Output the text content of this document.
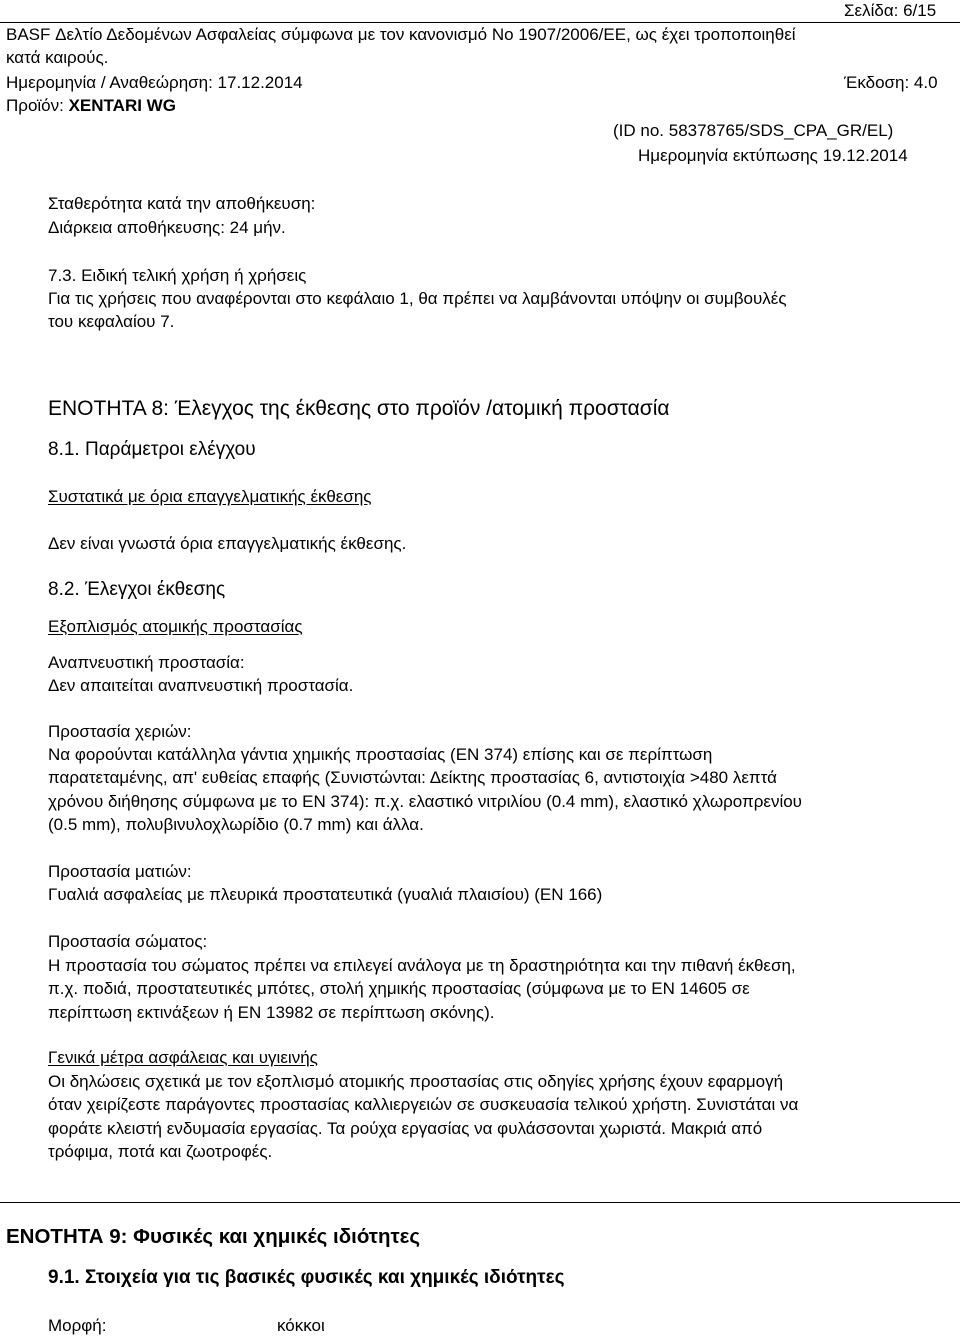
Σελίδα: 6/15
BASF Δελτίο Δεδομένων Ασφαλείας σύμφωνα με τον κανονισμό Νο 1907/2006/ΕΕ, ως έχει τροποποιηθεί
κατά καιρούς.
Ημερομηνία / Αναθεώρηση: 17.12.2014	Έκδοση: 4.0
Προϊόν: XENTARI WG
(ID no. 58378765/SDS_CPA_GR/EL)
Ημερομηνία εκτύπωσης 19.12.2014
Σταθερότητα κατά την αποθήκευση:
Διάρκεια αποθήκευσης: 24 μήν.
7.3. Ειδική τελική χρήση ή χρήσεις
Για τις χρήσεις που αναφέρονται στο κεφάλαιο 1, θα πρέπει να λαμβάνονται υπόψην οι συμβουλές
του κεφαλαίου 7.
ΕΝΟΤΗΤΑ 8: Έλεγχος της έκθεσης στο προϊόν /ατομική προστασία
8.1. Παράμετροι ελέγχου
Συστατικά με όρια επαγγελματικής έκθεσης
Δεν είναι γνωστά όρια επαγγελματικής έκθεσης.
8.2. Έλεγχοι έκθεσης
Εξοπλισμός ατομικής προστασίας
Αναπνευστική προστασία:
Δεν απαιτείται αναπνευστική προστασία.
Προστασία χεριών:
Να φορούνται κατάλληλα γάντια χημικής προστασίας (EN 374) επίσης και σε περίπτωση
παρατεταμένης, απ' ευθείας επαφής (Συνιστώνται: Δείκτης προστασίας 6, αντιστοιχία >480 λεπτά
χρόνου διήθησης σύμφωνα με το EN 374): π.χ. ελαστικό νιτριλίου (0.4 mm), ελαστικό χλωροπρενίου
(0.5 mm), πολυβινυλοχλωρίδιο (0.7 mm) και άλλα.
Προστασία ματιών:
Γυαλιά ασφαλείας με πλευρικά προστατευτικά (γυαλιά πλαισίου) (EN 166)
Προστασία σώματος:
Η προστασία του σώματος πρέπει να επιλεγεί ανάλογα με τη δραστηριότητα και την πιθανή έκθεση,
π.χ. ποδιά, προστατευτικές μπότες, στολή χημικής προστασίας (σύμφωνα με το EN 14605 σε
περίπτωση εκτινάξεων ή EN 13982 σε περίπτωση σκόνης).
Γενικά μέτρα ασφάλειας και υγιεινής
Οι δηλώσεις σχετικά με τον εξοπλισμό ατομικής προστασίας στις οδηγίες χρήσης έχουν εφαρμογή
όταν χειρίζεστε παράγοντες προστασίας καλλιεργειών σε συσκευασία τελικού χρήστη. Συνιστάται να
φοράτε κλειστή ενδυμασία εργασίας. Τα ρούχα εργασίας να φυλάσσονται χωριστά. Μακριά από
τρόφιμα, ποτά και ζωοτροφές.
ΕΝΟΤΗΤΑ 9: Φυσικές και χημικές ιδιότητες
9.1. Στοιχεία για τις βασικές φυσικές και χημικές ιδιότητες
Μορφή:	κόκκοι
